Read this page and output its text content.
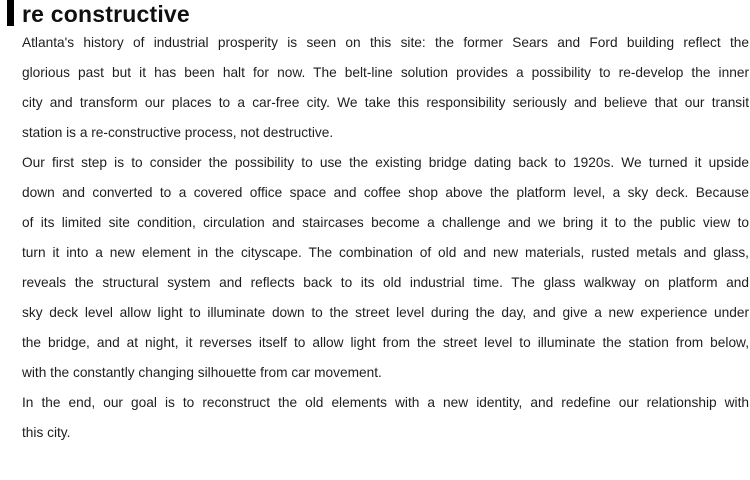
re constructive
Atlanta's history of industrial prosperity is seen on this site: the former Sears and Ford building reflect the
glorious past but it has been halt for now. The belt-line solution provides a possibility to re-develop the inner
city and transform our places to a car-free city. We take this responsibility seriously and believe that our transit
station is a re-constructive process, not destructive.
Our first step is to consider the possibility to use the existing bridge dating back to 1920s. We turned it upside
down and converted to a covered office space and coffee shop above the platform level, a sky deck. Because
of its limited site condition, circulation and staircases become a challenge and we bring it to the public view to
turn it into a new element in the cityscape. The combination of old and new materials, rusted metals and glass,
reveals the structural system and reflects back to its old industrial time. The glass walkway on platform and
sky deck level allow light to illuminate down to the street level during the day, and give a new experience under
the bridge, and at night, it reverses itself to allow light from the street level to illuminate the station from below,
with the constantly changing silhouette from car movement.
In the end, our goal is to reconstruct the old elements with a new identity, and redefine our relationship with
this city.
